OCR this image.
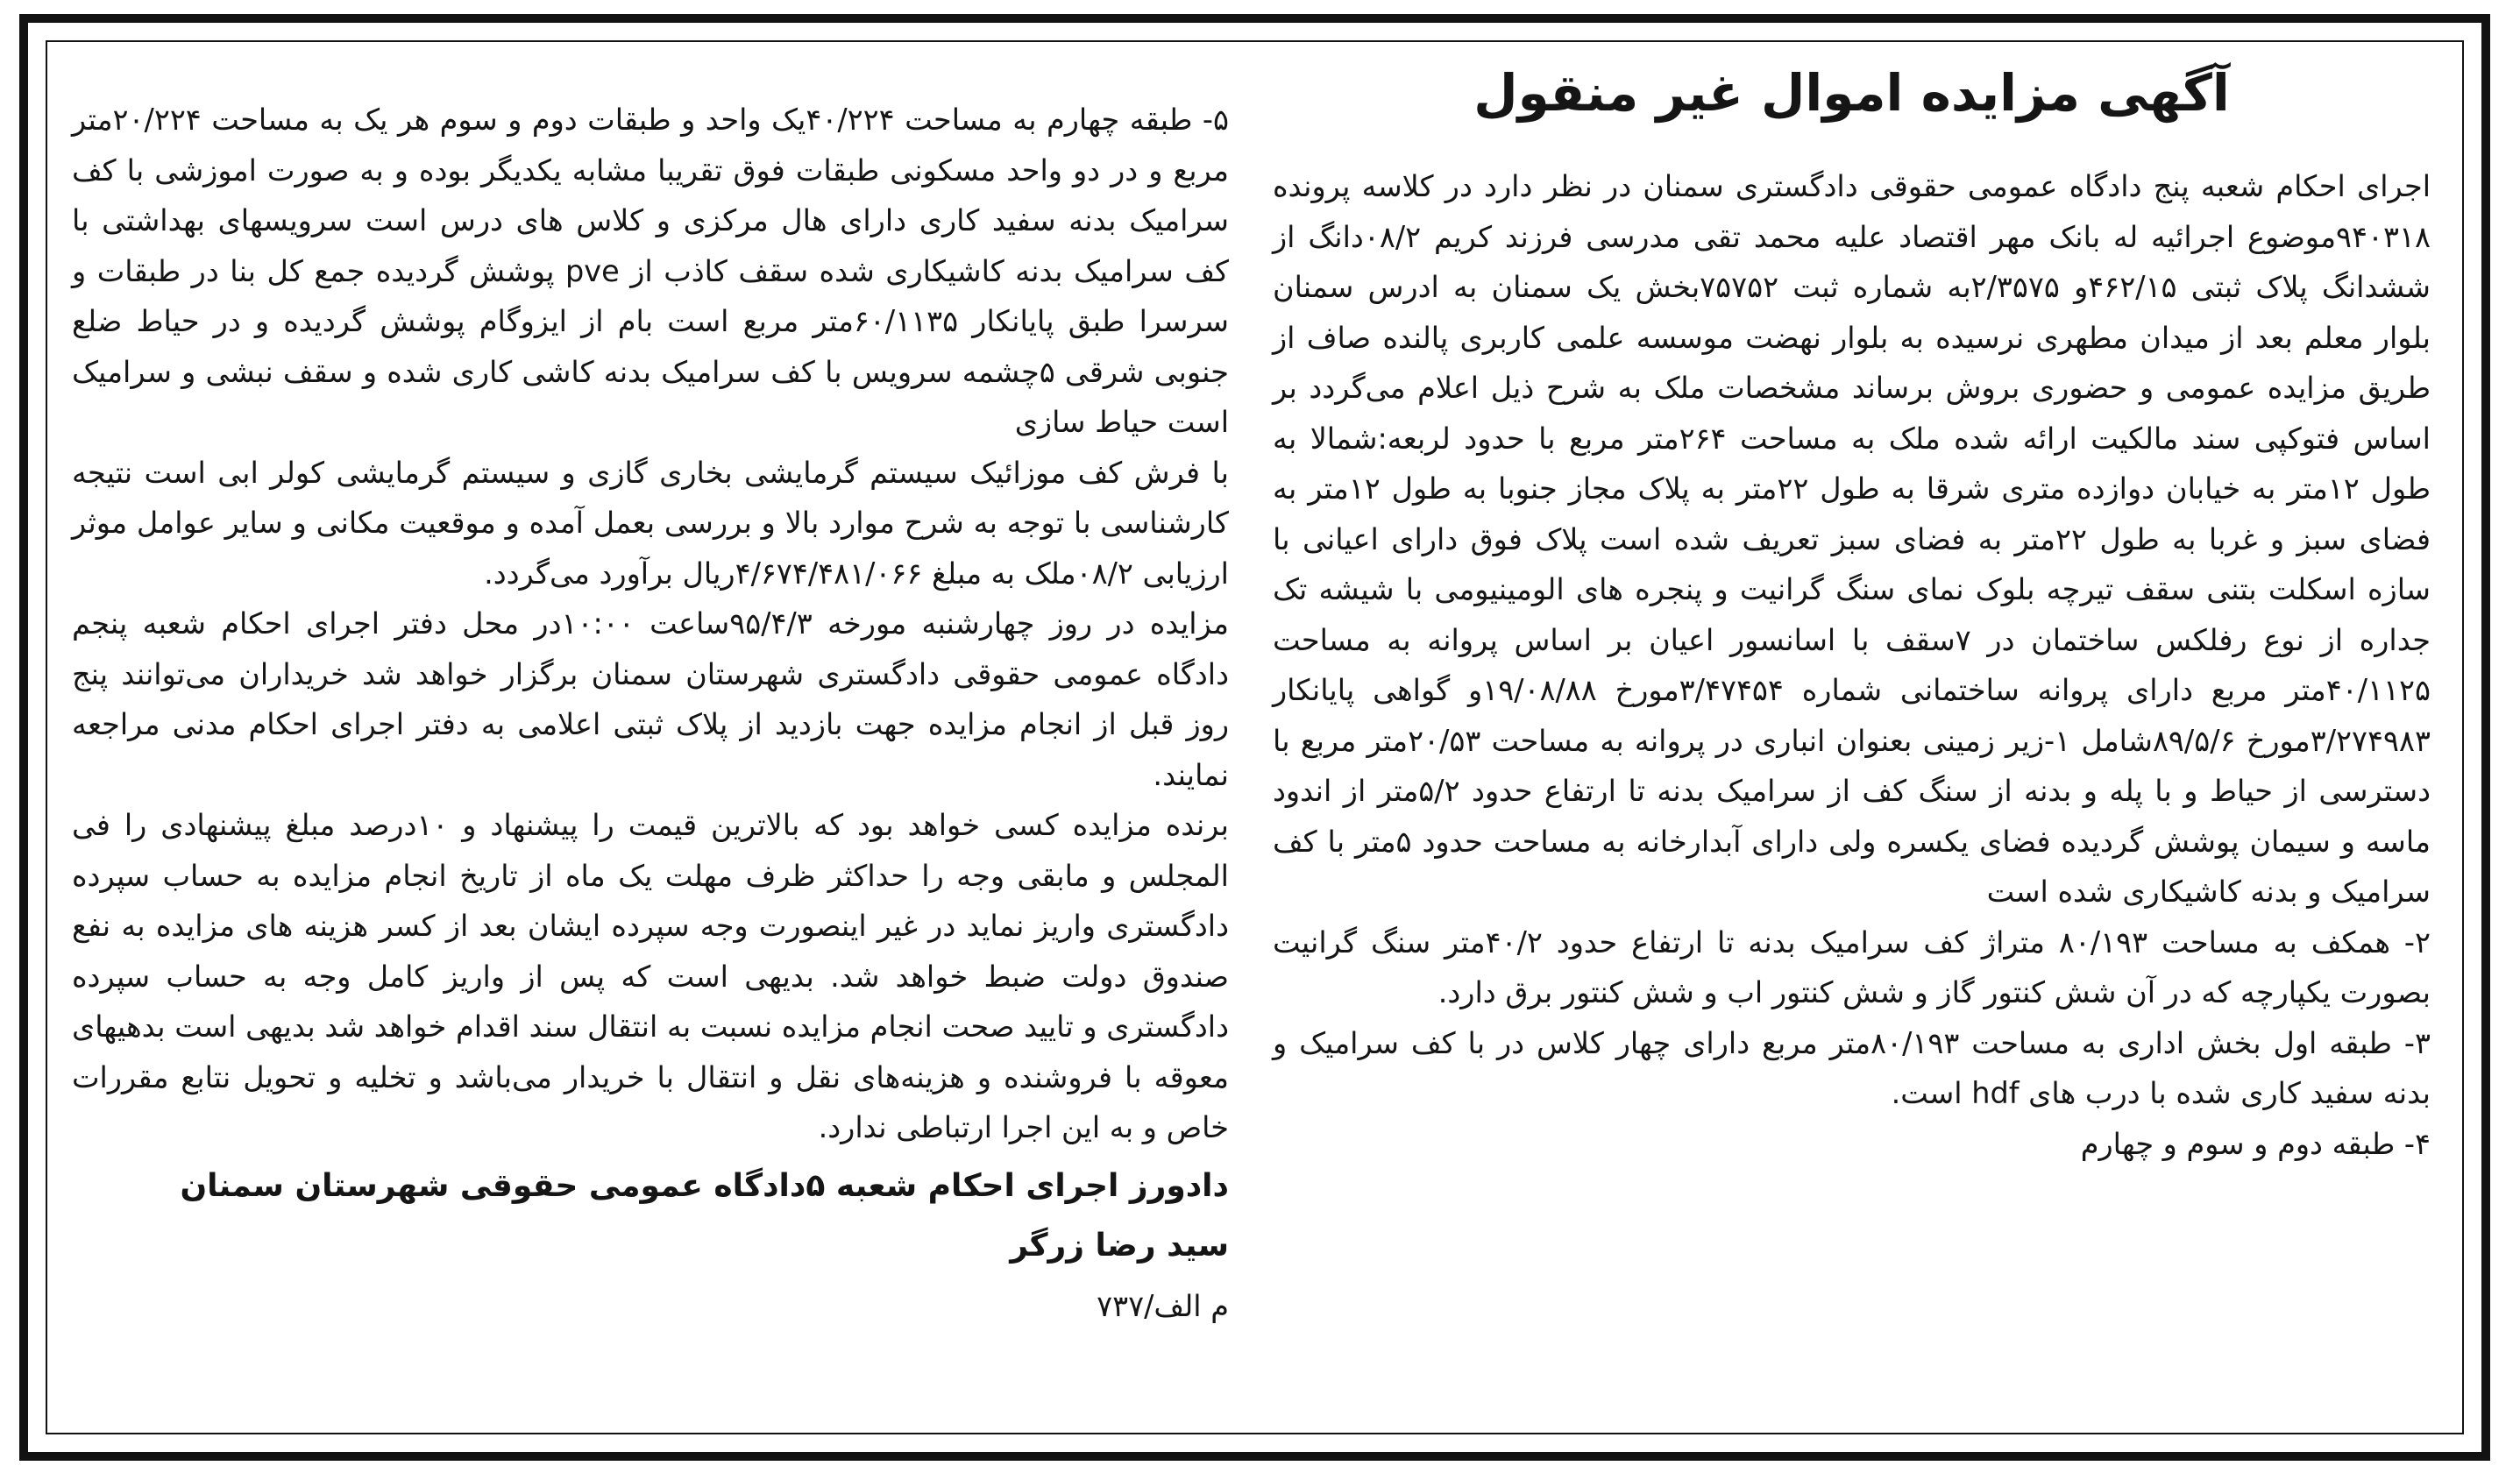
آگهی مزایده اموال غیر منقول

اجرای احکام شعبه پنج دادگاه عمومی حقوقی دادگستری سمنان در نظر دارد در کلاسه پرونده ۹۴۰۳۱۸موضوع اجرائیه له بانک مهر اقتصاد علیه محمد تقی مدرسی فرزند کریم ۰۸/۲دانگ از ششدانگ پلاک ثبتی ۴۶۲/۱۵و ۲/۳۵۷۵به شماره ثبت ۷۵۷۵۲بخش یک سمنان به ادرس سمنان بلوار معلم بعد از میدان مطهری نرسیده به بلوار نهضت موسسه علمی کاربری پالنده صاف از طریق مزایده عمومی و حضوری بروش برساند مشخصات ملک به شرح ذیل اعلام می‌گردد بر اساس فتوکپی سند مالکیت ارائه شده ملک به مساحت ۲۶۴متر مربع با حدود لربعه:شمالا به طول ۱۲متر به خیابان دوازده متری شرقا به طول ۲۲متر به پلاک مجاز جنوبا به طول ۱۲متر به فضای سبز و غربا به طول ۲۲متر به فضای سبز تعریف شده است پلاک فوق دارای اعیانی با سازه اسکلت بتنی سقف تیرچه بلوک نمای سنگ گرانیت و پنجره های الومینیومی با شیشه تک جداره از نوع رفلکس ساختمان در ۷سقف با اسانسور اعیان بر اساس پروانه به مساحت ۴۰/۱۱۲۵متر مربع دارای پروانه ساختمانی شماره ۳/۴۷۴۵۴مورخ ۱۹/۰۸/۸۸و گواهی پایانکار ۳/۲۷۴۹۸۳مورخ ۸۹/۵/۶شامل ۱-زیر زمینی بعنوان انباری در پروانه به مساحت ۲۰/۵۳متر مربع با دسترسی از حیاط و با پله و بدنه از سنگ کف از سرامیک بدنه تا ارتفاع حدود ۵/۲متر از اندود ماسه و سیمان پوشش گردیده فضای یکسره ولی دارای آبدارخانه به مساحت حدود ۵متر با کف سرامیک و بدنه کاشیکاری شده است

۲- همکف به مساحت ۸۰/۱۹۳ متراژ کف سرامیک بدنه تا ارتفاع حدود ۴۰/۲متر سنگ گرانیت بصورت یکپارچه که در آن شش کنتور گاز و شش کنتور اب و شش کنتور برق دارد.

۳- طبقه اول بخش اداری به مساحت ۸۰/۱۹۳متر مربع دارای چهار کلاس در با کف سرامیک و بدنه سفید کاری شده با درب های hdf است.

۴- طبقه دوم و سوم و چهارم

۵- طبقه چهارم به مساحت ۴۰/۲۲۴یک واحد و طبقات دوم و سوم هر یک به مساحت ۲۰/۲۲۴متر مربع و در دو واحد مسکونی طبقات فوق تقریبا مشابه یکدیگر بوده و به صورت اموزشی با کف سرامیک بدنه سفید کاری دارای هال مرکزی و کلاس های درس است سرویسهای بهداشتی با کف سرامیک بدنه کاشیکاری شده سقف کاذب از pve پوشش گردیده جمع کل بنا در طبقات و سرسرا طبق پایانکار ۶۰/۱۱۳۵متر مربع است بام از ایزوگام پوشش گردیده و در حیاط ضلع جنوبی شرقی ۵چشمه سرویس با کف سرامیک بدنه کاشی کاری شده و سقف نبشی و سرامیک است حیاط سازی

با فرش کف موزائیک سیستم گرمایشی بخاری گازی و سیستم گرمایشی کولر ابی است نتیجه کارشناسی با توجه به شرح موارد بالا و بررسی بعمل آمده و موقعیت مکانی و سایر عوامل موثر ارزیابی ۰۸/۲ملک به مبلغ ۴/۶۷۴/۴۸۱/۰۶۶ریال برآورد می‌گردد.

مزایده در روز چهارشنبه مورخه ۹۵/۴/۳ساعت ۱۰:۰۰در محل دفتر اجرای احکام شعبه پنجم دادگاه عمومی حقوقی دادگستری شهرستان سمنان برگزار خواهد شد خریداران می‌توانند پنج روز قبل از انجام مزایده جهت بازدید از پلاک ثبتی اعلامی به دفتر اجرای احکام مدنی مراجعه نمایند.

برنده مزایده کسی خواهد بود که بالاترین قیمت را پیشنهاد و ۱۰درصد مبلغ پیشنهادی را فی المجلس و مابقی وجه را حداکثر ظرف مهلت یک ماه از تاریخ انجام مزایده به حساب سپرده دادگستری واریز نماید در غیر اینصورت وجه سپرده ایشان بعد از کسر هزینه های مزایده به نفع صندوق دولت ضبط خواهد شد. بدیهی است که پس از واریز کامل وجه به حساب سپرده دادگستری و تایید صحت انجام مزایده نسبت به انتقال سند اقدام خواهد شد بدیهی است بدهیهای معوقه با فروشنده و هزینه‌های نقل و انتقال با خریدار می‌باشد و تخلیه و تحویل نتابع مقررات خاص و به این اجرا ارتباطی ندارد.

دادورز اجرای احکام شعبه ۵دادگاه عمومی حقوقی شهرستان سمنان
سید رضا زرگر
م الف/۷۳۷
